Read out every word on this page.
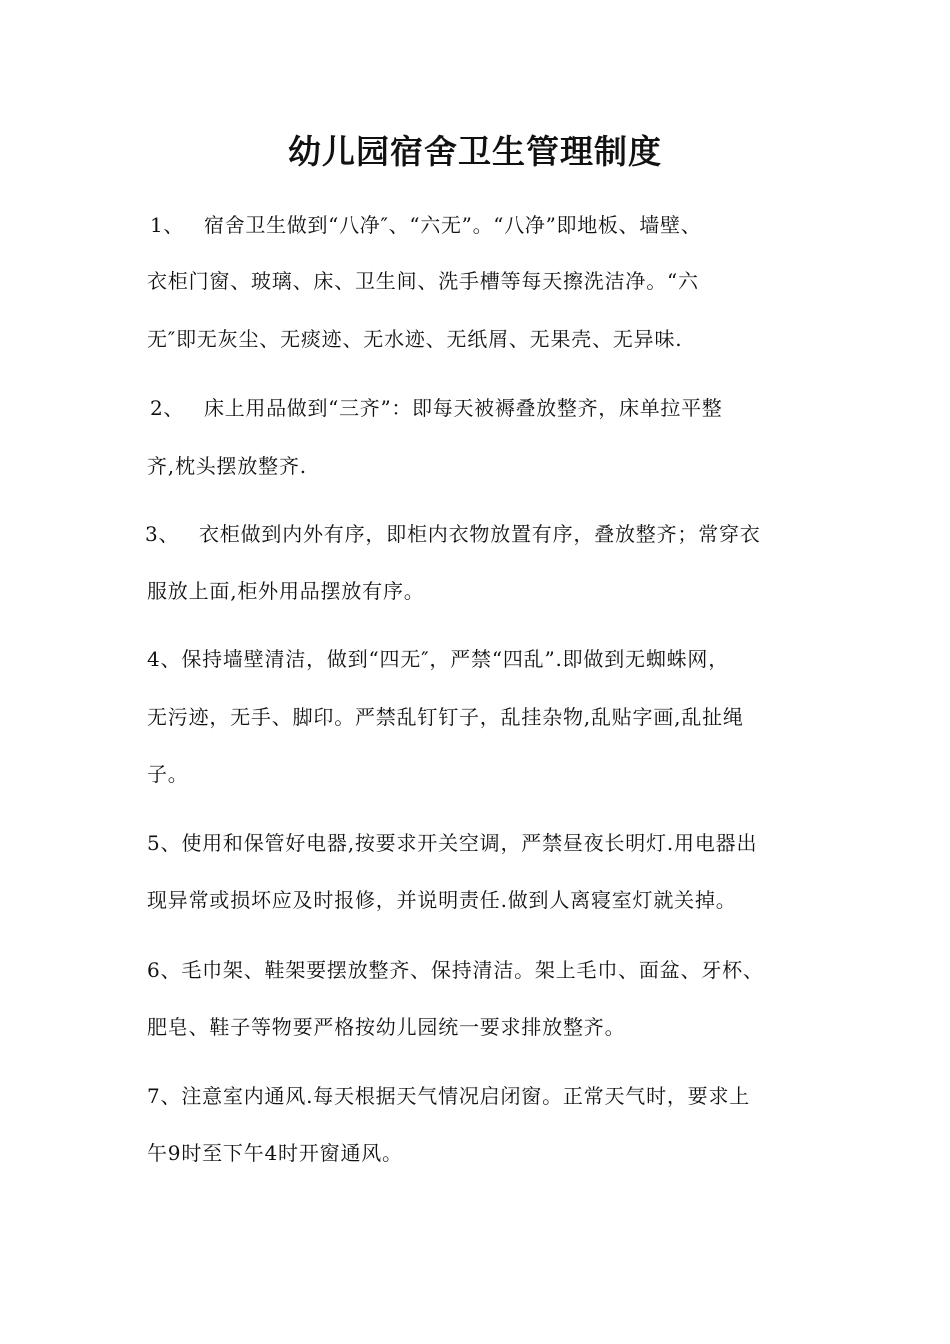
幼儿园宿舍卫生管理制度
1、 宿舍卫生做到“八净″、“六无”。“八净”即地板、墙壁、
衣柜门窗、玻璃、床、卫生间、洗手槽等每天擦洗洁净。“六
无″即无灰尘、无痰迹、无水迹、无纸屑、无果壳、无异味.
2、 床上用品做到“三齐”：即每天被褥叠放整齐，床单拉平整
齐,枕头摆放整齐.
3、 衣柜做到内外有序，即柜内衣物放置有序，叠放整齐；常穿衣
服放上面,柜外用品摆放有序。
4、保持墙壁清洁，做到“四无″，严禁“四乱”.即做到无蜘蛛网，
无污迹，无手、脚印。严禁乱钉钉子，乱挂杂物,乱贴字画,乱扯绳
子。
5、使用和保管好电器,按要求开关空调，严禁昼夜长明灯.用电器出
现异常或损坏应及时报修，并说明责任.做到人离寝室灯就关掉。
6、毛巾架、鞋架要摆放整齐、保持清洁。架上毛巾、面盆、牙杯、
肥皂、鞋子等物要严格按幼儿园统一要求排放整齐。
7、注意室内通风.每天根据天气情况启闭窗。正常天气时，要求上
午9时至下午4时开窗通风。
